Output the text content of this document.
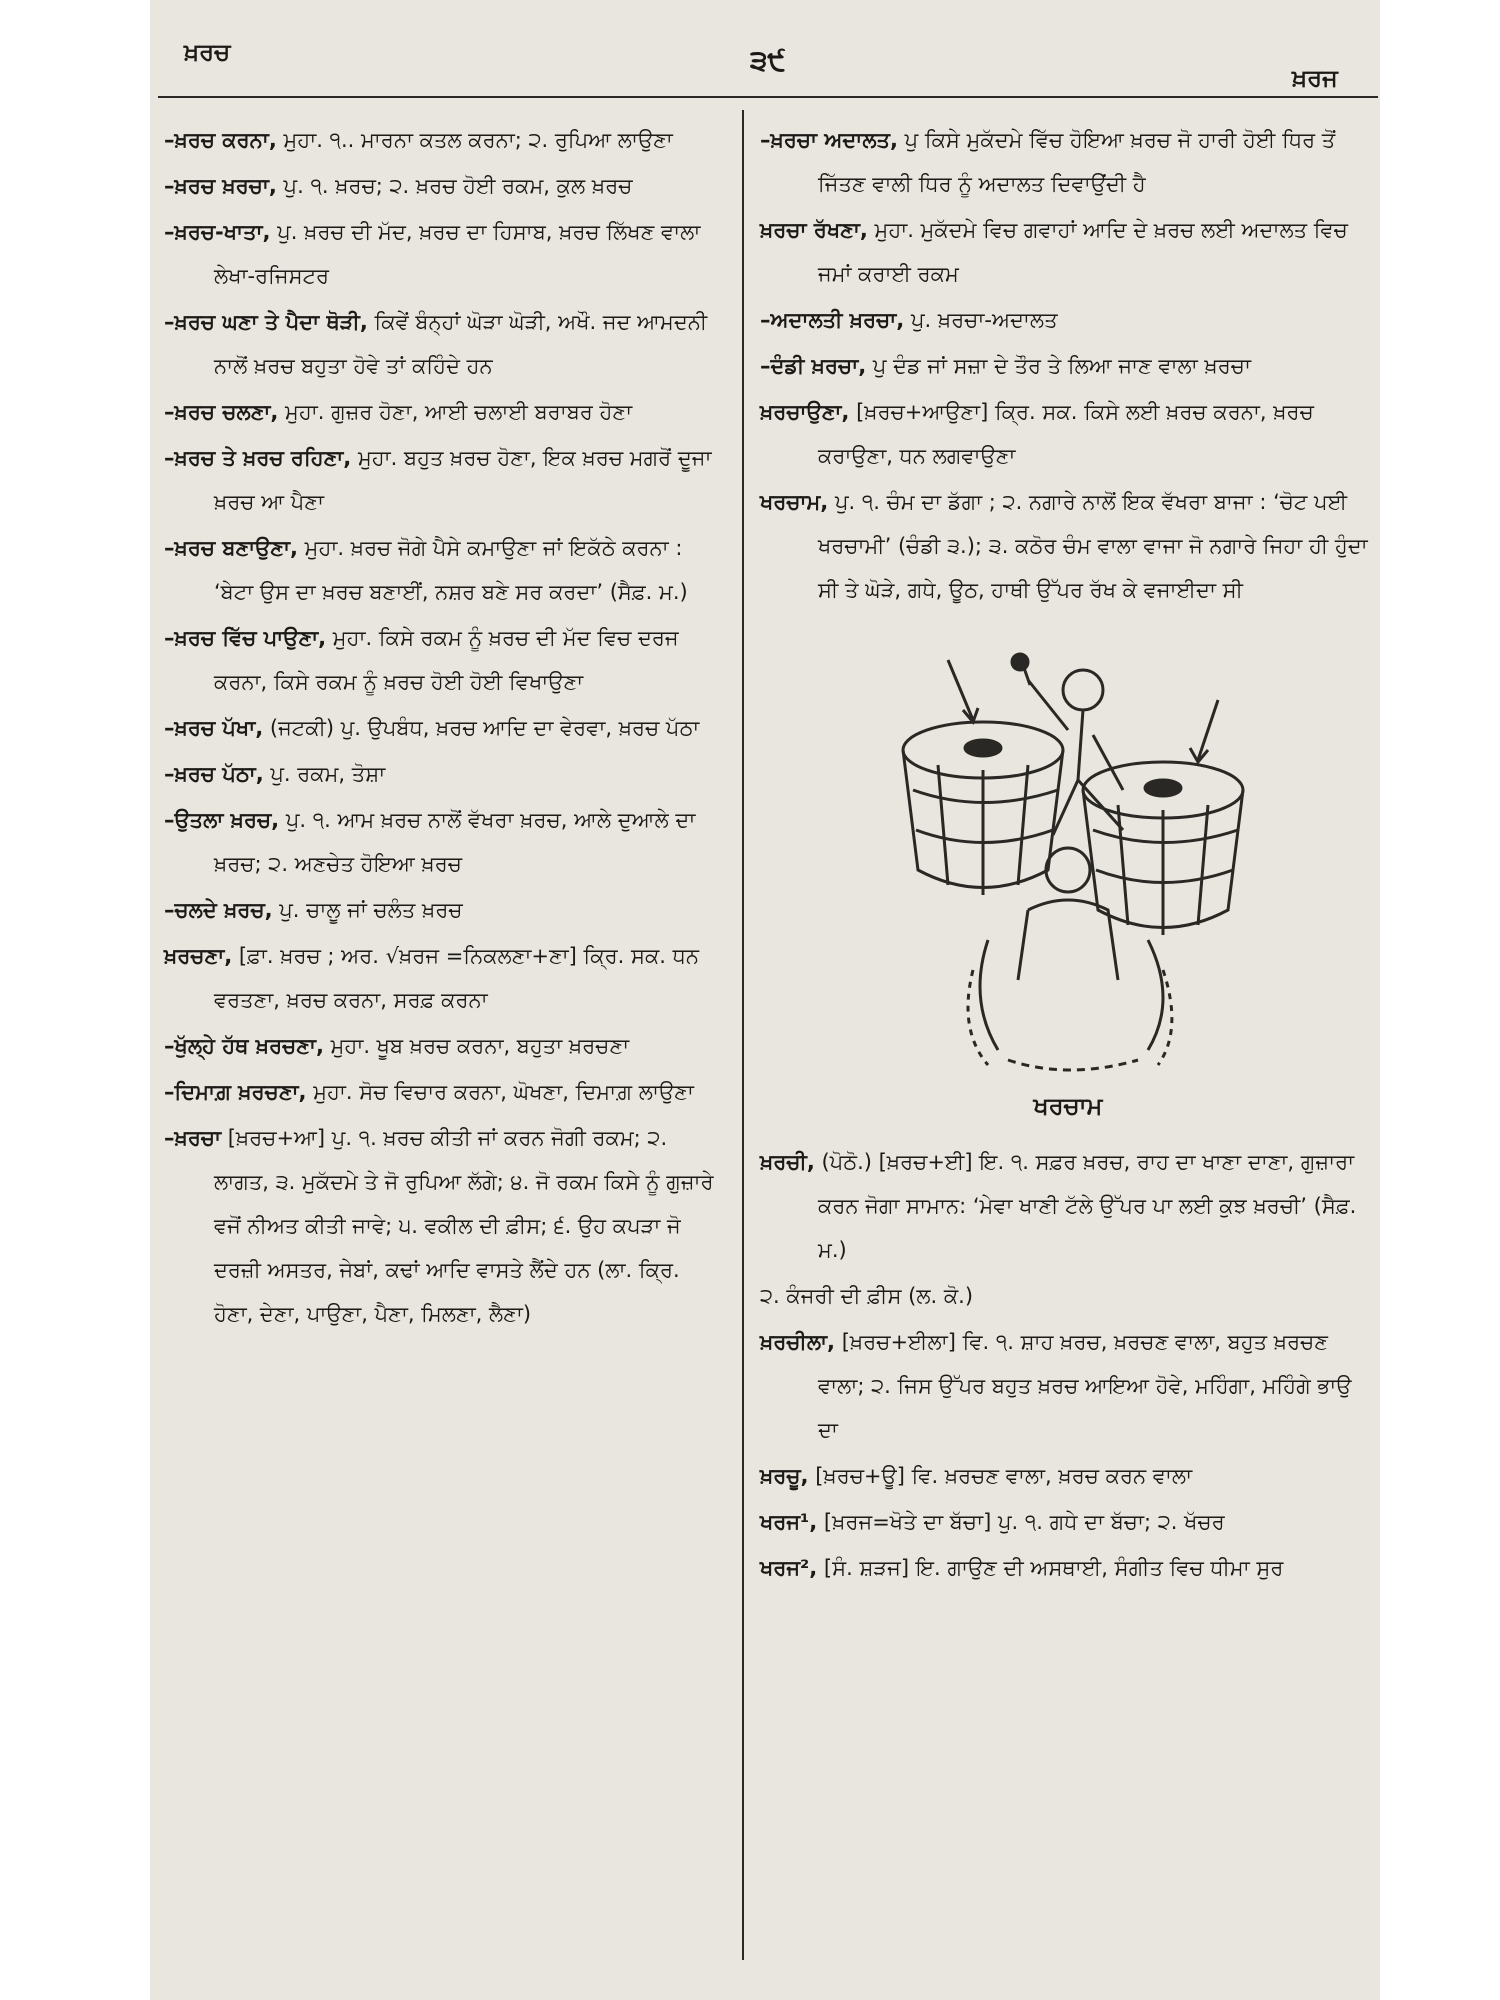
ਖ਼ਰਚ	੩੯
ਖ਼ਰਜ
–ਖ਼ਰਚ ਕਰਨਾ, ਮੁਹਾ. ੧.. ਮਾਰਨਾ ਕਤਲ ਕਰਨਾ; ੨. ਰੁਪਿਆ ਲਾਉਣਾ
–ਖ਼ਰਚ ਖ਼ਰਚਾ, ਪੁ. ੧. ਖ਼ਰਚ; ੨. ਖ਼ਰਚ ਹੋਈ ਰਕਮ, ਕੁਲ ਖ਼ਰਚ
–ਖ਼ਰਚ-ਖਾਤਾ, ਪੁ. ਖ਼ਰਚ ਦੀ ਮੱਦ, ਖ਼ਰਚ ਦਾ ਹਿਸਾਬ, ਖ਼ਰਚ ਲਿੱਖਣ ਵਾਲਾ ਲੇਖਾ-ਰਜਿਸਟਰ
–ਖ਼ਰਚ ਘਣਾ ਤੇ ਪੈਦਾ ਥੋੜੀ, ਕਿਵੇਂ ਬੰਨ੍ਹਾਂ ਘੋੜਾ ਘੋੜੀ, ਅਖੌ. ਜਦ ਆਮਦਨੀ ਨਾਲੋਂ ਖ਼ਰਚ ਬਹੁਤਾ ਹੋਵੇ ਤਾਂ ਕਹਿੰਦੇ ਹਨ
–ਖ਼ਰਚ ਚਲਣਾ, ਮੁਹਾ. ਗੁਜ਼ਰ ਹੋਣਾ, ਆਈ ਚਲਾਈ ਬਰਾਬਰ ਹੋਣਾ
–ਖ਼ਰਚ ਤੇ ਖ਼ਰਚ ਰਹਿਣਾ, ਮੁਹਾ. ਬਹੁਤ ਖ਼ਰਚ ਹੋਣਾ, ਇਕ ਖ਼ਰਚ ਮਗਰੋਂ ਦੂਜਾ ਖ਼ਰਚ ਆ ਪੈਣਾ
–ਖ਼ਰਚ ਬਣਾਉਣਾ, ਮੁਹਾ. ਖ਼ਰਚ ਜੋਗੇ ਪੈਸੇ ਕਮਾਉਣਾ ਜਾਂ ਇਕੱਠੇ ਕਰਨਾ : ‘ਬੇਟਾ ਉਸ ਦਾ ਖ਼ਰਚ ਬਣਾਈਂ, ਨਸ਼ਰ ਬਣੇ ਸਰ ਕਰਦਾ’ (ਸੈਫ਼. ਮ.)
–ਖ਼ਰਚ ਵਿੱਚ ਪਾਉਣਾ, ਮੁਹਾ. ਕਿਸੇ ਰਕਮ ਨੂੰ ਖ਼ਰਚ ਦੀ ਮੱਦ ਵਿਚ ਦਰਜ ਕਰਨਾ, ਕਿਸੇ ਰਕਮ ਨੂੰ ਖ਼ਰਚ ਹੋਈ ਹੋਈ ਵਿਖਾਉਣਾ
–ਖ਼ਰਚ ਪੱਖਾ, (ਜਟਕੀ) ਪੁ. ਉਪਬੰਧ, ਖ਼ਰਚ ਆਦਿ ਦਾ ਵੇਰਵਾ, ਖ਼ਰਚ ਪੱਠਾ
–ਖ਼ਰਚ ਪੱਠਾ, ਪੁ. ਰਕਮ, ਤੋਸ਼ਾ
–ਉਤਲਾ ਖ਼ਰਚ, ਪੁ. ੧. ਆਮ ਖ਼ਰਚ ਨਾਲੋਂ ਵੱਖਰਾ ਖ਼ਰਚ, ਆਲੇ ਦੁਆਲੇ ਦਾ ਖ਼ਰਚ; ੨. ਅਣਚੇਤ ਹੋਇਆ ਖ਼ਰਚ
–ਚਲਦੇ ਖ਼ਰਚ, ਪੁ. ਚਾਲੂ ਜਾਂ ਚਲੰਤ ਖ਼ਰਚ
ਖ਼ਰਚਣਾ, [ਫ਼ਾ. ਖ਼ਰਚ ; ਅਰ. √ਖ਼ਰਜ =ਨਿਕਲਣਾ+ਣਾ] ਕ੍ਰਿ. ਸਕ. ਧਨ ਵਰਤਣਾ, ਖ਼ਰਚ ਕਰਨਾ, ਸਰਫ਼ ਕਰਨਾ
–ਖੁੱਲ੍ਹੇ ਹੱਥ ਖ਼ਰਚਣਾ, ਮੁਹਾ. ਖੂਬ ਖ਼ਰਚ ਕਰਨਾ, ਬਹੁਤਾ ਖ਼ਰਚਣਾ
–ਦਿਮਾਗ਼ ਖ਼ਰਚਣਾ, ਮੁਹਾ. ਸੋਚ ਵਿਚਾਰ ਕਰਨਾ, ਘੋਖਣਾ, ਦਿਮਾਗ਼ ਲਾਉਣਾ
–ਖ਼ਰਚਾ [ਖ਼ਰਚ+ਆ] ਪੁ. ੧. ਖ਼ਰਚ ਕੀਤੀ ਜਾਂ ਕਰਨ ਜੋਗੀ ਰਕਮ; ੨. ਲਾਗਤ, ੩. ਮੁਕੱਦਮੇ ਤੇ ਜੋ ਰੁਪਿਆ ਲੱਗੇ; ੪. ਜੋ ਰਕਮ ਕਿਸੇ ਨੂੰ ਗੁਜ਼ਾਰੇ ਵਜੋਂ ਨੀਅਤ ਕੀਤੀ ਜਾਵੇ; ੫. ਵਕੀਲ ਦੀ ਫ਼ੀਸ; ੬. ਉਹ ਕਪੜਾ ਜੋ ਦਰਜ਼ੀ ਅਸਤਰ, ਜੇਬਾਂ, ਕਢਾਂ ਆਦਿ ਵਾਸਤੇ ਲੈਂਦੇ ਹਨ (ਲਾ. ਕ੍ਰਿ. ਹੋਣਾ, ਦੇਣਾ, ਪਾਉਣਾ, ਪੈਣਾ, ਮਿਲਣਾ, ਲੈਣਾ)
–ਖ਼ਰਚਾ ਅਦਾਲਤ, ਪੁ ਕਿਸੇ ਮੁਕੱਦਮੇ ਵਿੱਚ ਹੋਇਆ ਖ਼ਰਚ ਜੋ ਹਾਰੀ ਹੋਈ ਧਿਰ ਤੋਂ ਜਿੱਤਣ ਵਾਲੀ ਧਿਰ ਨੂੰ ਅਦਾਲਤ ਦਿਵਾਉਂਦੀ ਹੈ
ਖ਼ਰਚਾ ਰੱਖਣਾ, ਮੁਹਾ. ਮੁਕੱਦਮੇ ਵਿਚ ਗਵਾਹਾਂ ਆਦਿ ਦੇ ਖ਼ਰਚ ਲਈ ਅਦਾਲਤ ਵਿਚ ਜਮਾਂ ਕਰਾਈ ਰਕਮ
–ਅਦਾਲਤੀ ਖ਼ਰਚਾ, ਪੁ. ਖ਼ਰਚਾ-ਅਦਾਲਤ
–ਦੰਡੀ ਖ਼ਰਚਾ, ਪੁ ਦੰਡ ਜਾਂ ਸਜ਼ਾ ਦੇ ਤੌਰ ਤੇ ਲਿਆ ਜਾਣ ਵਾਲਾ ਖ਼ਰਚਾ
ਖ਼ਰਚਾਉਣਾ, [ਖ਼ਰਚ+ਆਉਣਾ] ਕ੍ਰਿ. ਸਕ. ਕਿਸੇ ਲਈ ਖ਼ਰਚ ਕਰਨਾ, ਖ਼ਰਚ ਕਰਾਉਣਾ, ਧਨ ਲਗਵਾਉਣਾ
ਖਰਚਾਮ, ਪੁ. ੧. ਚੰਮ ਦਾ ਡੱਗਾ ; ੨. ਨਗਾਰੇ ਨਾਲੋਂ ਇਕ ਵੱਖਰਾ ਬਾਜਾ : ‘ਚੋਟ ਪਈ ਖਰਚਾਮੀ’ (ਚੰਡੀ ੩.); ੩. ਕਠੋਰ ਚੰਮ ਵਾਲਾ ਵਾਜਾ ਜੋ ਨਗਾਰੇ ਜਿਹਾ ਹੀ ਹੁੰਦਾ ਸੀ ਤੇ ਘੋੜੇ, ਗਧੇ, ਊਠ, ਹਾਥੀ ਉੱਪਰ ਰੱਖ ਕੇ ਵਜਾਈਦਾ ਸੀ
ਖਰਚਾਮ
ਖ਼ਰਚੀ, (ਪੋਠੋ.) [ਖ਼ਰਚ+ਈ] ਇ. ੧. ਸਫ਼ਰ ਖ਼ਰਚ, ਰਾਹ ਦਾ ਖਾਣਾ ਦਾਣਾ, ਗੁਜ਼ਾਰਾ ਕਰਨ ਜੋਗਾ ਸਾਮਾਨ: ‘ਮੇਵਾ ਖਾਣੀ ਟੱਲੇ ਉੱਪਰ ਪਾ ਲਈ ਕੁਝ ਖ਼ਰਚੀ’ (ਸੈਫ਼. ਮ.)
੨. ਕੰਜਰੀ ਦੀ ਫ਼ੀਸ (ਲ. ਕੋ.)
ਖ਼ਰਚੀਲਾ, [ਖ਼ਰਚ+ਈਲਾ] ਵਿ. ੧. ਸ਼ਾਹ ਖ਼ਰਚ, ਖ਼ਰਚਣ ਵਾਲਾ, ਬਹੁਤ ਖ਼ਰਚਣ ਵਾਲਾ; ੨. ਜਿਸ ਉੱਪਰ ਬਹੁਤ ਖ਼ਰਚ ਆਇਆ ਹੋਵੇ, ਮਹਿੰਗਾ, ਮਹਿੰਗੇ ਭਾਉ ਦਾ
ਖ਼ਰਚੂ, [ਖ਼ਰਚ+ਊ] ਵਿ. ਖ਼ਰਚਣ ਵਾਲਾ, ਖ਼ਰਚ ਕਰਨ ਵਾਲਾ
ਖਰਜ¹, [ਖ਼ਰਜ=ਖੋਤੇ ਦਾ ਬੱਚਾ] ਪੁ. ੧. ਗਧੇ ਦਾ ਬੱਚਾ; ੨. ਖੱਚਰ
ਖਰਜ², [ਸੰ. ਸ਼ੜਜ] ਇ. ਗਾਉਣ ਦੀ ਅਸਥਾਈ, ਸੰਗੀਤ ਵਿਚ ਧੀਮਾ ਸੁਰ
